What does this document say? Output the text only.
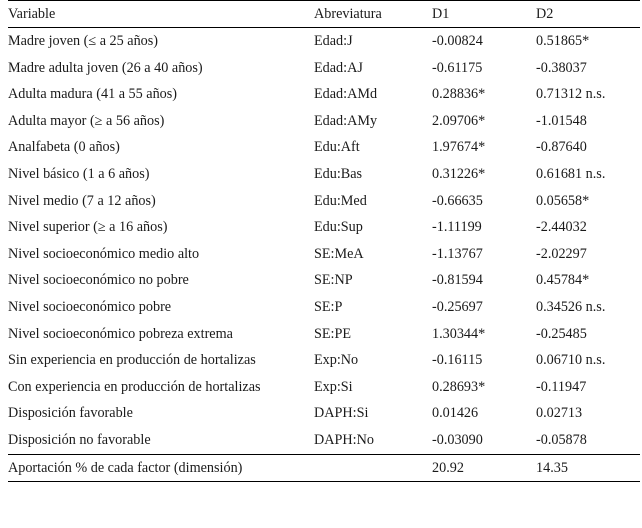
Variable	Abreviatura	D1	D2
Madre joven (≤ a 25 años)	Edad:J	-0.00824	0.51865*
Madre adulta joven (26 a 40 años)	Edad:AJ	-0.61175	-0.38037
Adulta madura (41 a 55 años)	Edad:AMd	0.28836*	0.71312 n.s.
Adulta mayor (≥ a 56 años)	Edad:AMy	2.09706*	-1.01548
Analfabeta (0 años)	Edu:Aft	1.97674*	-0.87640
Nivel básico (1 a 6 años)	Edu:Bas	0.31226*	0.61681 n.s.
Nivel medio (7 a 12 años)	Edu:Med	-0.66635	0.05658*
Nivel superior (≥ a 16 años)	Edu:Sup	-1.11199	-2.44032
Nivel socioeconómico medio alto	SE:MeA	-1.13767	-2.02297
Nivel socioeconómico no pobre	SE:NP	-0.81594	0.45784*
Nivel socioeconómico pobre	SE:P	-0.25697	0.34526 n.s.
Nivel socioeconómico pobreza extrema	SE:PE	1.30344*	-0.25485
Sin experiencia en producción de hortalizas	Exp:No	-0.16115	0.06710 n.s.
Con experiencia en producción de hortalizas	Exp:Si	0.28693*	-0.11947
Disposición favorable	DAPH:Si	0.01426	0.02713
Disposición no favorable	DAPH:No	-0.03090	-0.05878
Aportación % de cada factor (dimensión)		20.92	14.35
